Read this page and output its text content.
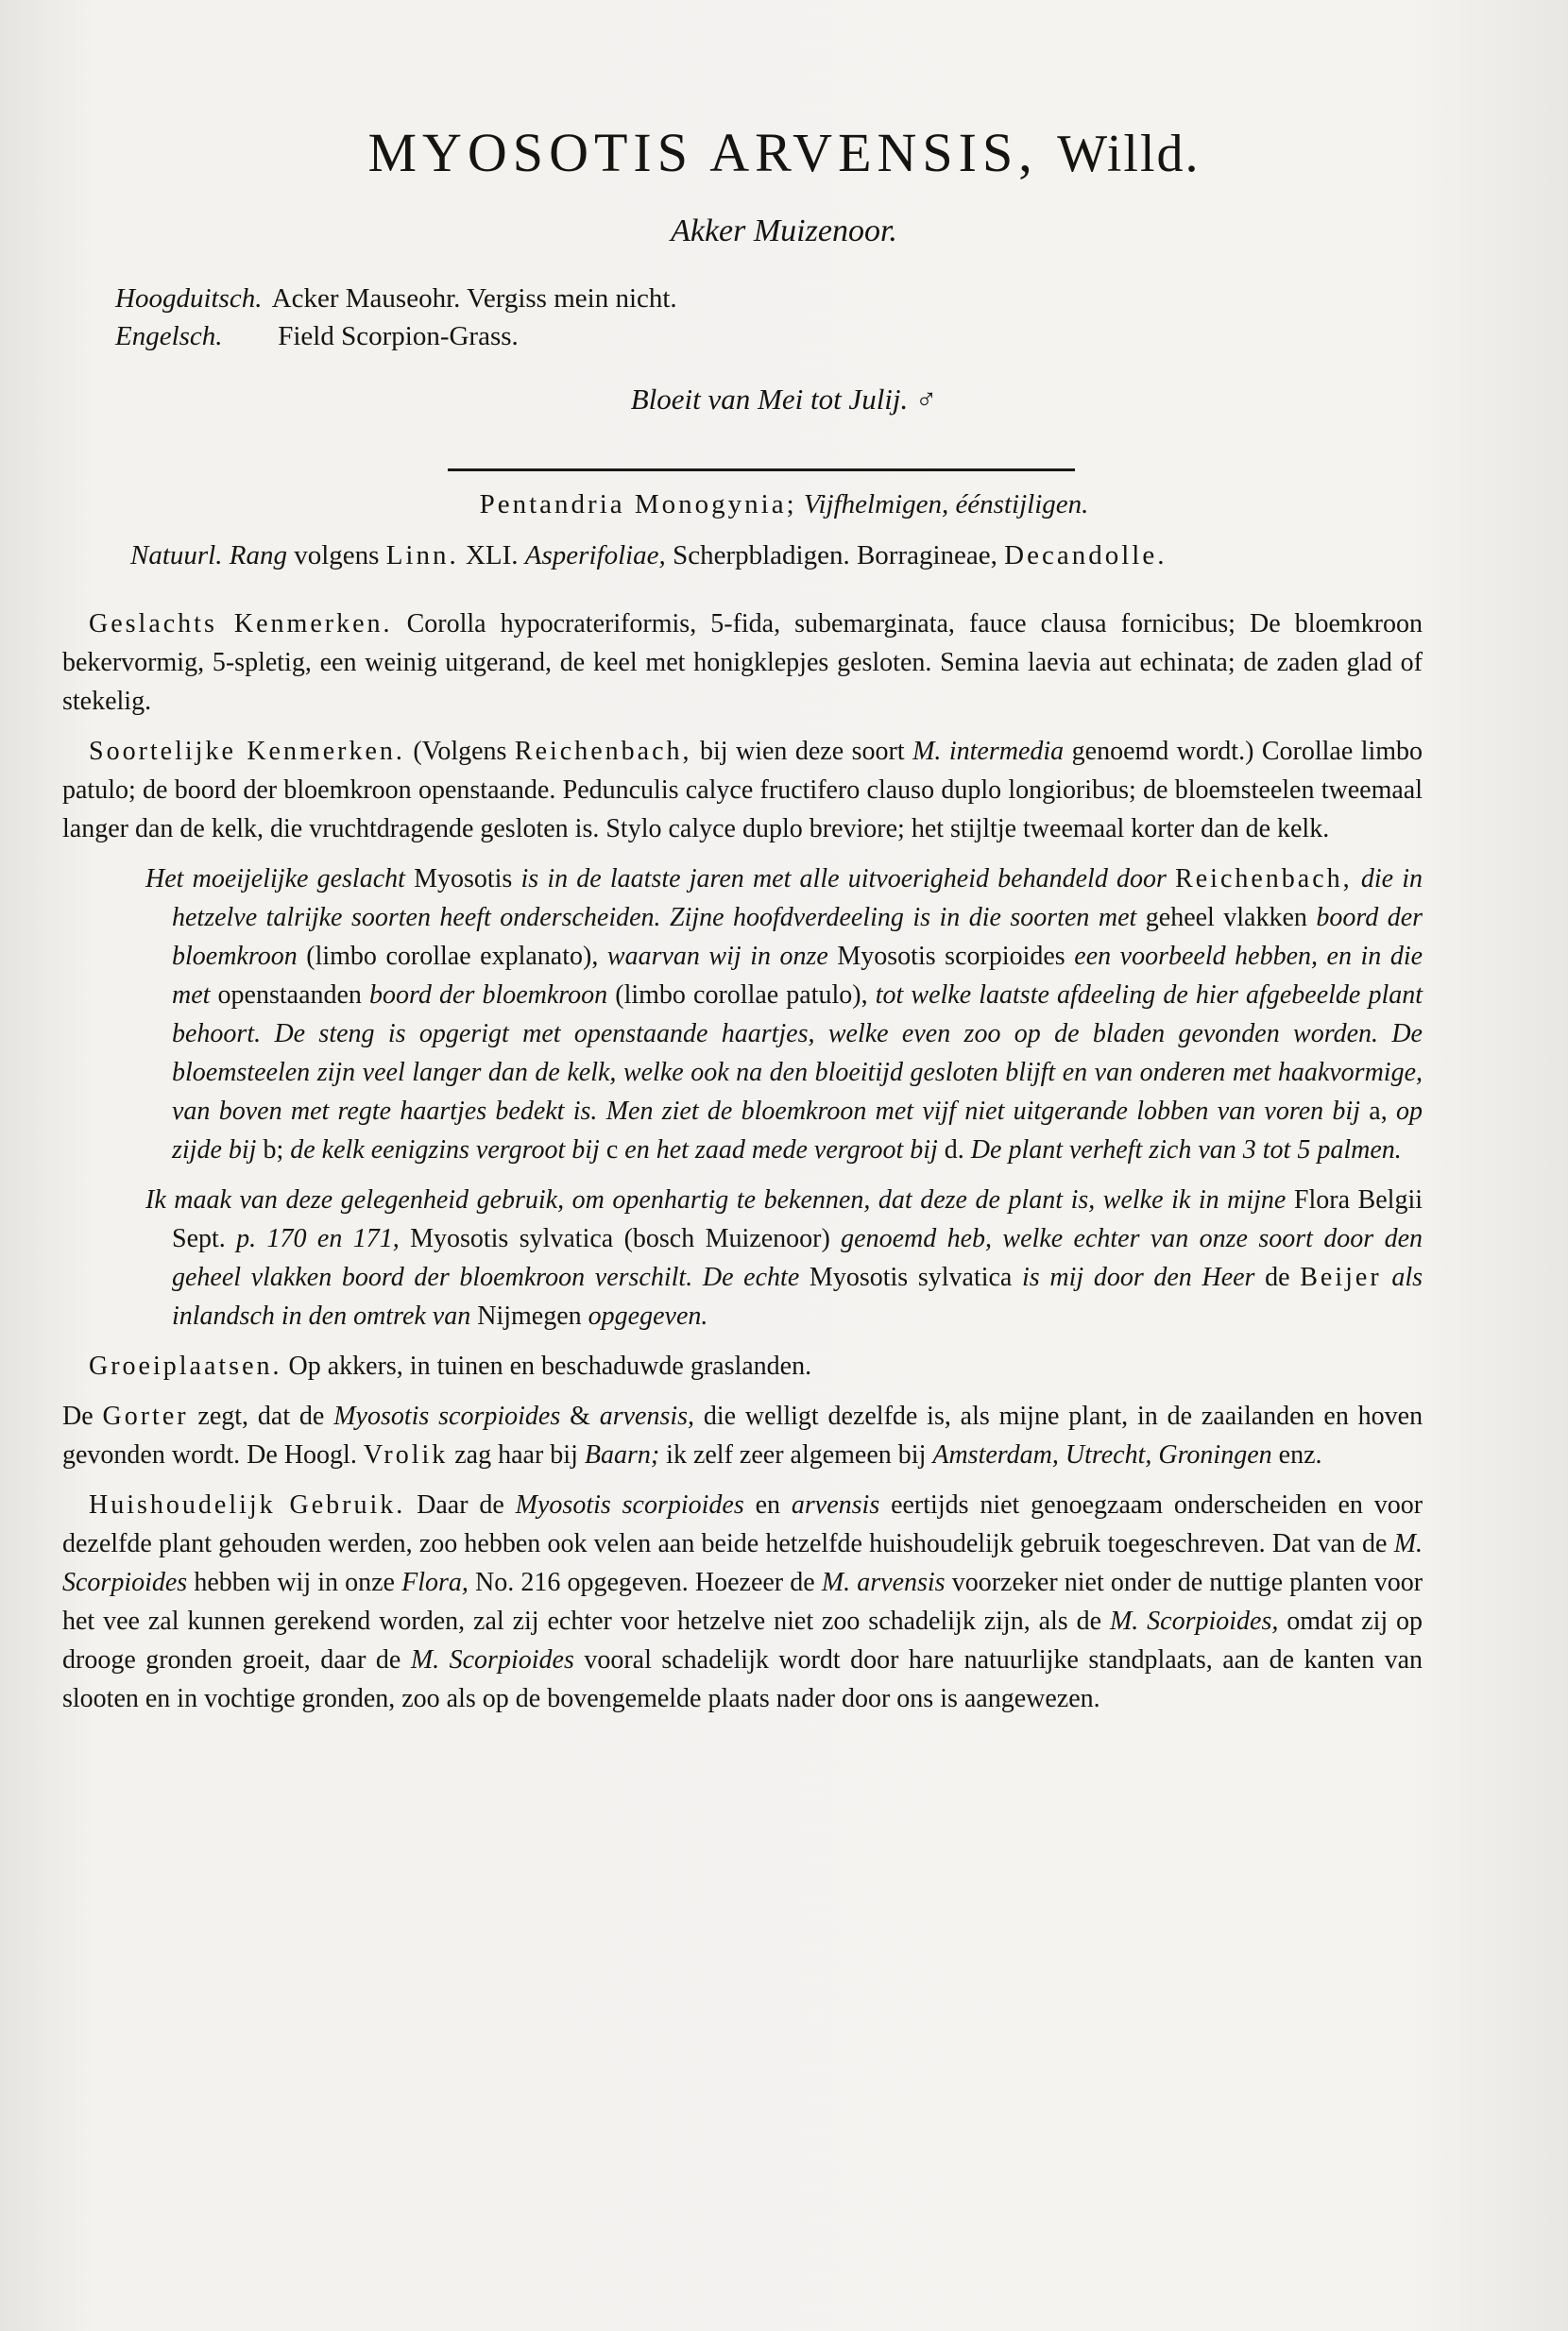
MYOSOTIS ARVENSIS, Willd.
Akker Muizenoor.
Hoogduitsch. Acker Mauseohr. Vergiss mein nicht.
Engelsch. Field Scorpion-Grass.
Bloeit van Mei tot Julij. ♂
Pentandria Monogynia; Vijfhelmigen, éénstijligen.
Natuurl. Rang volgens Linn. XLI. Asperifoliae, Scherpbladigen. Borragineae, Decandolle.

Geslachts Kenmerken. Corolla hypocrateriformis, 5-fida, subemarginata, fauce clausa fornicibus; De bloemkroon bekervormig, 5-spletig, een weinig uitgerand, de keel met honigklepjes gesloten. Semina laevia aut echinata; de zaden glad of stekelig.

Soortelijke Kenmerken. (Volgens Reichenbach, bij wien deze soort M. intermedia genoemd wordt.) Corollae limbo patulo; de boord der bloemkroon openstaande. Pedunculis calyce fructifero clauso duplo longioribus; de bloemsteelen tweemaal langer dan de kelk, die vruchtdragende gesloten is. Stylo calyce duplo breviore; het stijltje tweemaal korter dan de kelk.

Het moeijelijke geslacht Myosotis is in de laatste jaren met alle uitvoerigheid behandeld door Reichenbach, die in hetzelve talrijke soorten heeft onderscheiden. Zijne hoofdverdeeling is in die soorten met geheel vlakken boord der bloemkroon (limbo corollae explanato), waarvan wij in onze Myosotis scorpioides een voorbeeld hebben, en in die met openstaanden boord der bloemkroon (limbo corollae patulo), tot welke laatste afdeeling de hier afgebeelde plant behoort. De steng is opgerigt met openstaande haartjes, welke even zoo op de bladen gevonden worden. De bloemsteelen zijn veel langer dan de kelk, welke ook na den bloeitijd gesloten blijft en van onderen met haakvormige, van boven met regte haartjes bedekt is. Men ziet de bloemkroon met vijf niet uitgerande lobben van voren bij a, op zijde bij b; de kelk eenigzins vergroot bij c en het zaad mede vergroot bij d. De plant verheft zich van 3 tot 5 palmen.

Ik maak van deze gelegenheid gebruik, om openhartig te bekennen, dat deze de plant is, welke ik in mijne Flora Belgii Sept. p. 170 en 171, Myosotis sylvatica (bosch Muizenoor) genoemd heb, welke echter van onze soort door den geheel vlakken boord der bloemkroon verschilt. De echte Myosotis sylvatica is mij door den Heer de Beijer als inlandsch in den omtrek van Nijmegen opgegeven.

Groeiplaatsen. Op akkers, in tuinen en beschaduwde graslanden.

De Gorter zegt, dat de Myosotis scorpioides & arvensis, die welligt dezelfde is, als mijne plant, in de zaailanden en hoven gevonden wordt. De Hoogl. Vrolik zag haar bij Baarn; ik zelf zeer algemeen bij Amsterdam, Utrecht, Groningen enz.

Huishoudelijk Gebruik. Daar de Myosotis scorpioides en arvensis eertijds niet genoegzaam onderscheiden en voor dezelfde plant gehouden werden, zoo hebben ook velen aan beide hetzelfde huishoudelijk gebruik toegeschreven. Dat van de M. Scorpioides hebben wij in onze Flora, No. 216 opgegeven. Hoezeer de M. arvensis voorzeker niet onder de nuttige planten voor het vee zal kunnen gerekend worden, zal zij echter voor hetzelve niet zoo schadelijk zijn, als de M. Scorpioides, omdat zij op drooge gronden groeit, daar de M. Scorpioides vooral schadelijk wordt door hare natuurlijke standplaats, aan de kanten van slooten en in vochtige gronden, zoo als op de bovengemelde plaats nader door ons is aangewezen.
